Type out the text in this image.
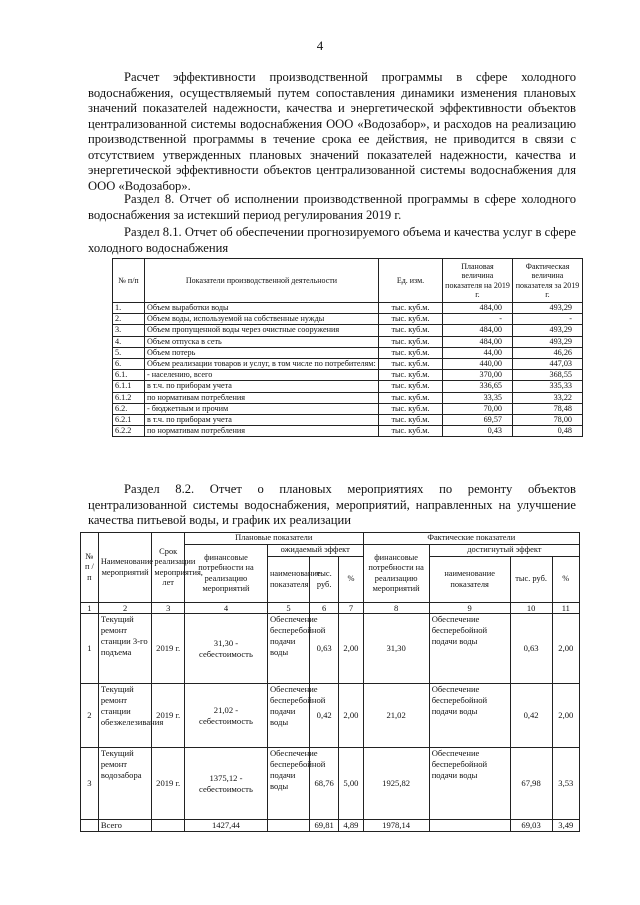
4
Расчет эффективности производственной программы в сфере холодного водоснабжения, осуществляемый путем сопоставления динамики изменения плановых значений показателей надежности, качества и энергетической эффективности объектов централизованной системы водоснабжения ООО «Водозабор», и расходов на реализацию производственной программы в течение срока ее действия, не приводится в связи с отсутствием утвержденных плановых значений показателей надежности, качества и энергетической эффективности объектов централизованной системы водоснабжения для ООО «Водозабор».
Раздел 8. Отчет об исполнении производственной программы в сфере холодного водоснабжения за истекший период регулирования 2019 г.
Раздел 8.1. Отчет об обеспечении прогнозируемого объема и качества услуг в сфере холодного водоснабжения
№ п/п	Показатели производственной деятельности	Ед. изм.	Плановая величина показателя на 2019 г.	Фактическая величина показателя за 2019 г.
1.	Объем выработки воды	тыс. куб.м.	484,00	493,29
2.	Объем воды, используемой на собственные нужды	тыс. куб.м.	-	-
3.	Объем пропущенной воды через очистные сооружения	тыс. куб.м.	484,00	493,29
4.	Объем отпуска в сеть	тыс. куб.м.	484,00	493,29
5.	Объем потерь	тыс. куб.м.	44,00	46,26
6.	Объем реализации товаров и услуг, в том числе по потребителям:	тыс. куб.м.	440,00	447,03
6.1.	- населению, всего	тыс. куб.м.	370,00	368,55
6.1.1	в т.ч. по приборам учета	тыс. куб.м.	336,65	335,33
6.1.2	по нормативам потребления	тыс. куб.м.	33,35	33,22
6.2.	- бюджетным и прочим	тыс. куб.м.	70,00	78,48
6.2.1	в т.ч. по приборам учета	тыс. куб.м.	69,57	78,00
6.2.2	по нормативам потребления	тыс. куб.м.	0,43	0,48
Раздел 8.2. Отчет о плановых мероприятиях по ремонту объектов централизованной системы водоснабжения, мероприятий, направленных на улучшение качества питьевой воды, и график их реализации
№ п / п	Наименование мероприятий	Срок реализации мероприятия, лет	Плановые показатели				Фактические показатели			
			финансовые потребности на реализацию мероприятий	ожидаемый эффект			финансовые потребности на реализацию мероприятий	достигнутый эффект		
				наименование показателя	тыс. руб.	%		наименование показателя	тыс. руб.	%
1	2	3	4	5	6	7	8	9	10	11
1	Текущий ремонт станции 3-го подъема	2019 г.	31,30 - себестоимость	Обеспечение бесперебойной подачи воды	0,63	2,00	31,30	Обеспечение бесперебойной подачи воды	0,63	2,00
2	Текущий ремонт станции обезжелезивания	2019 г.	21,02 - себестоимость	Обеспечение бесперебойной подачи воды	0,42	2,00	21,02	Обеспечение бесперебойной подачи воды	0,42	2,00
3	Текущий ремонт водозабора	2019 г.	1375,12 - себестоимость	Обеспечение бесперебойной подачи воды	68,76	5,00	1925,82	Обеспечение бесперебойной подачи воды	67,98	3,53
	Всего		1427,44		69,81	4,89	1978,14		69,03	3,49
